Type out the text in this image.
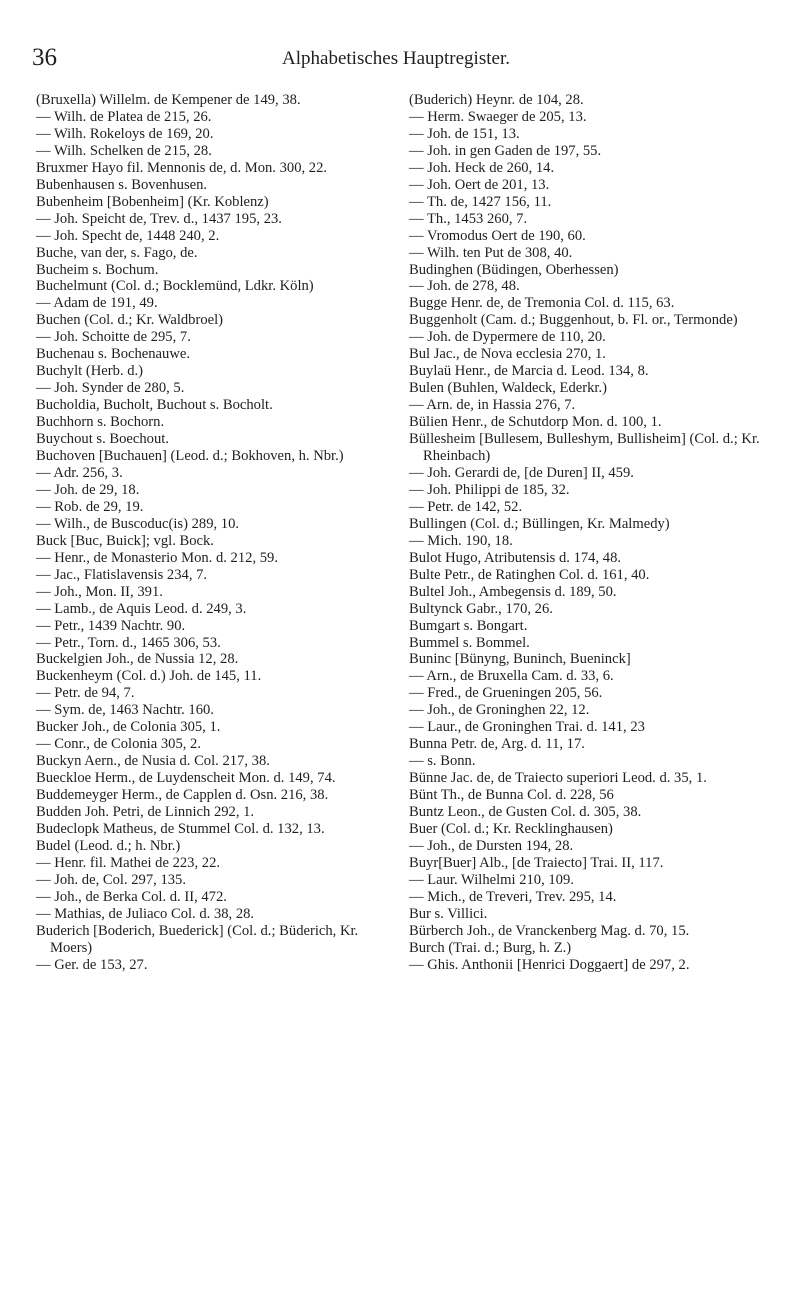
36	Alphabetisches Hauptregister.
(Bruxella) Willelm. de Kempener de 149, 38.
— Wilh. de Platea de 215, 26.
— Wilh. Rokeloys de 169, 20.
— Wilh. Schelken de 215, 28.
Bruxmer Hayo fil. Mennonis de, d. Mon. 300, 22.
Bubenhausen s. Bovenhusen.
Bubenheim [Bobenheim] (Kr. Koblenz)
— Joh. Speicht de, Trev. d., 1437 195, 23.
— Joh. Specht de, 1448 240, 2.
Buche, van der, s. Fago, de.
Bucheim s. Bochum.
Buchelmunt (Col. d.; Bocklemünd, Ldkr. Köln)
— Adam de 191, 49.
Buchen (Col. d.; Kr. Waldbroel)
— Joh. Schoitte de 295, 7.
Buchenau s. Bochenauwe.
Buchylt (Herb. d.)
— Joh. Synder de 280, 5.
Bucholdia, Bucholt, Buchout s. Bocholt.
Buchhorn s. Bochorn.
Buychout s. Boechout.
Buchoven [Buchauen] (Leod. d.; Bokhoven, h. Nbr.)
— Adr. 256, 3.
— Joh. de 29, 18.
— Rob. de 29, 19.
— Wilh., de Buscoduc(is) 289, 10.
Buck [Buc, Buick]; vgl. Bock.
— Henr., de Monasterio Mon. d. 212, 59.
— Jac., Flatislavensis 234, 7.
— Joh., Mon. II, 391.
— Lamb., de Aquis Leod. d. 249, 3.
— Petr., 1439 Nachtr. 90.
— Petr., Torn. d., 1465 306, 53.
Buckelgien Joh., de Nussia 12, 28.
Buckenheym (Col. d.) Joh. de 145, 11.
— Petr. de 94, 7.
— Sym. de, 1463 Nachtr. 160.
Bucker Joh., de Colonia 305, 1.
— Conr., de Colonia 305, 2.
Buckyn Aern., de Nusia d. Col. 217, 38.
Bueckloe Herm., de Luydenscheit Mon. d. 149, 74.
Buddemeyger Herm., de Capplen d. Osn. 216, 38.
Budden Joh. Petri, de Linnich 292, 1.
Budeclopk Matheus, de Stummel Col. d. 132, 13.
Budel (Leod. d.; h. Nbr.)
— Henr. fil. Mathei de 223, 22.
— Joh. de, Col. 297, 135.
— Joh., de Berka Col. d. II, 472.
— Mathias, de Juliaco Col. d. 38, 28.
Buderich [Boderich, Buederick] (Col. d.; Büderich, Kr. Moers)
— Ger. de 153, 27.
(Buderich) Heynr. de 104, 28.
— Herm. Swaeger de 205, 13.
— Joh. de 151, 13.
— Joh. in gen Gaden de 197, 55.
— Joh. Heck de 260, 14.
— Joh. Oert de 201, 13.
— Th. de, 1427 156, 11.
— Th., 1453 260, 7.
— Vromodus Oert de 190, 60.
— Wilh. ten Put de 308, 40.
Budinghen (Büdingen, Oberhessen)
— Joh. de 278, 48.
Bugge Henr. de, de Tremonia Col. d. 115, 63.
Buggenholt (Cam. d.; Buggenhout, b. Fl. or., Termonde)
— Joh. de Dypermere de 110, 20.
Bul Jac., de Nova ecclesia 270, 1.
Buylaü Henr., de Marcia d. Leod. 134, 8.
Bulen (Buhlen, Waldeck, Ederkr.)
— Arn. de, in Hassia 276, 7.
Bülien Henr., de Schutdorp Mon. d. 100, 1.
Büllesheim [Bullesem, Bulleshym, Bullisheim] (Col. d.; Kr. Rheinbach)
— Joh. Gerardi de, [de Duren] II, 459.
— Joh. Philippi de 185, 32.
— Petr. de 142, 52.
Bullingen (Col. d.; Büllingen, Kr. Malmedy)
— Mich. 190, 18.
Bulot Hugo, Atributensis d. 174, 48.
Bulte Petr., de Ratinghen Col. d. 161, 40.
Bultel Joh., Ambegensis d. 189, 50.
Bultynck Gabr., 170, 26.
Bumgart s. Bongart.
Bummel s. Bommel.
Buninc [Bünyng, Buninch, Bueninck]
— Arn., de Bruxella Cam. d. 33, 6.
— Fred., de Grueningen 205, 56.
— Joh., de Groninghen 22, 12.
— Laur., de Groninghen Trai. d. 141, 23
Bunna Petr. de, Arg. d. 11, 17.
— s. Bonn.
Bünne Jac. de, de Traiecto superiori Leod. d. 35, 1.
Bünt Th., de Bunna Col. d. 228, 56
Buntz Leon., de Gusten Col. d. 305, 38.
Buer (Col. d.; Kr. Recklinghausen)
— Joh., de Dursten 194, 28.
Buyr[Buer] Alb., [de Traiecto] Trai. II, 117.
— Laur. Wilhelmi 210, 109.
— Mich., de Treveri, Trev. 295, 14.
Bur s. Villici.
Bürberch Joh., de Vranckenberg Mag. d. 70, 15.
Burch (Trai. d.; Burg, h. Z.)
— Ghis. Anthonii [Henrici Doggaert] de 297, 2.
